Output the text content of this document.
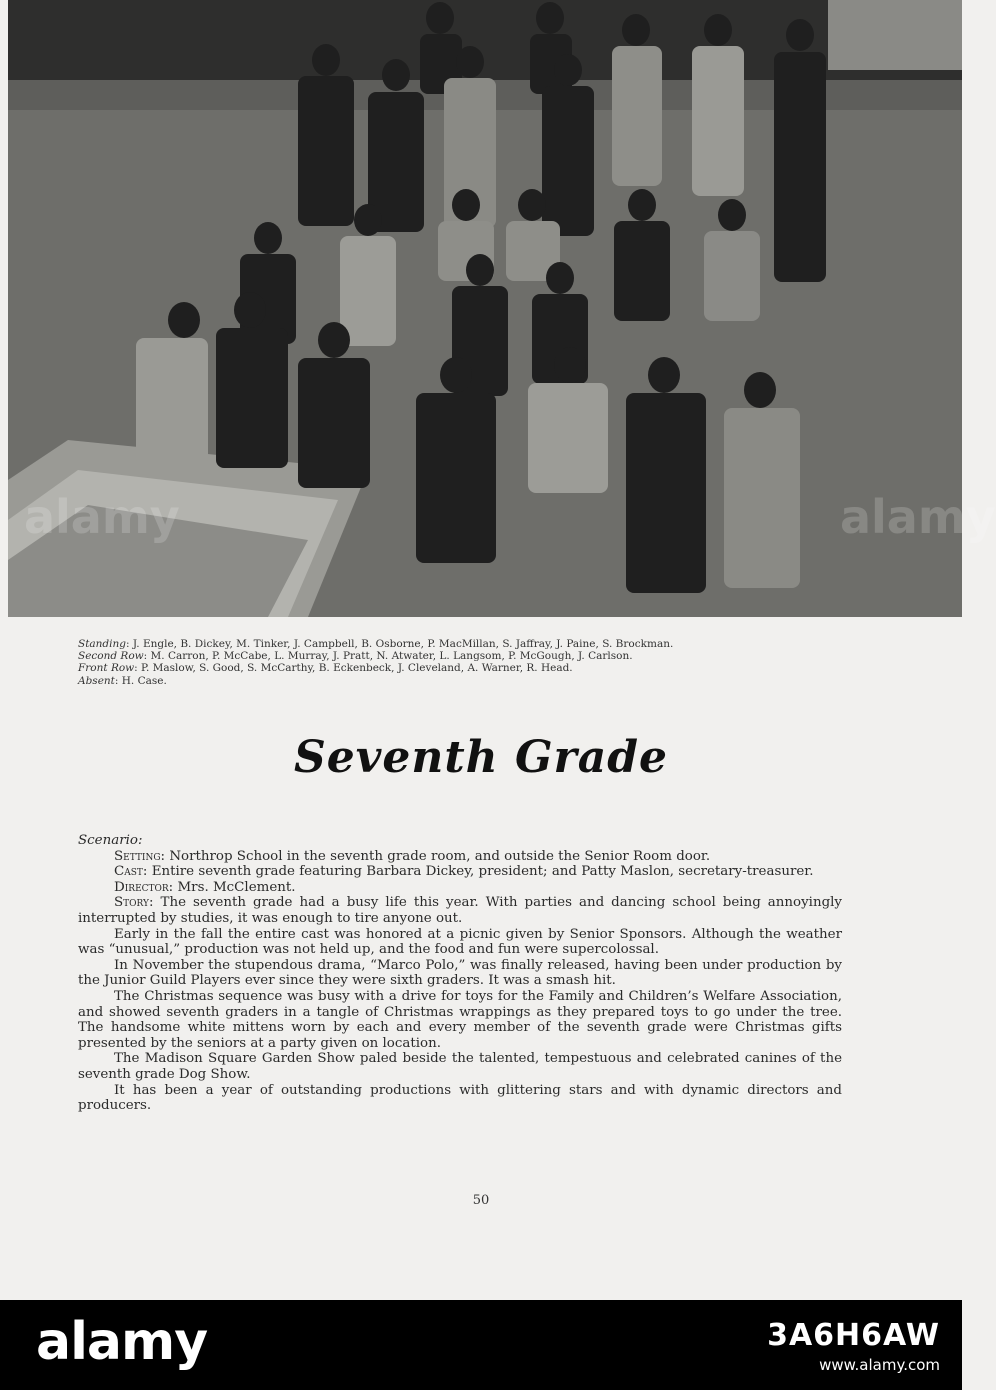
Standing: J. Engle, B. Dickey, M. Tinker, J. Campbell, B. Osborne, P. MacMillan, S. Jaffray, J. Paine, S. Brockman.
Second Row: M. Carron, P. McCabe, L. Murray, J. Pratt, N. Atwater, L. Langsom, P. McGough, J. Carlson.
Front Row: P. Maslow, S. Good, S. McCarthy, B. Eckenbeck, J. Cleveland, A. Warner, R. Head.
Absent: H. Case.
Seventh Grade

Scenario:

Setting: Northrop School in the seventh grade room, and outside the Senior Room door.

Cast: Entire seventh grade featuring Barbara Dickey, president; and Patty Maslon, secretary-treasurer.

Director: Mrs. McClement.

Story: The seventh grade had a busy life this year. With parties and dancing school being annoyingly interrupted by studies, it was enough to tire anyone out.

Early in the fall the entire cast was honored at a picnic given by Senior Sponsors. Although the weather was “unusual,” production was not held up, and the food and fun were supercolossal.

In November the stupendous drama, “Marco Polo,” was finally released, having been under production by the Junior Guild Players ever since they were sixth graders. It was a smash hit.

The Christmas sequence was busy with a drive for toys for the Family and Children’s Welfare Association, and showed seventh graders in a tangle of Christmas wrappings as they prepared toys to go under the tree. The handsome white mittens worn by each and every member of the seventh grade were Christmas gifts presented by the seniors at a party given on location.

The Madison Square Garden Show paled beside the talented, tempestuous and celebrated canines of the seventh grade Dog Show.

It has been a year of outstanding productions with glittering stars and with dynamic directors and producers.

50
alamy	3A6H6AW
www.alamy.com
alamy	alamy
